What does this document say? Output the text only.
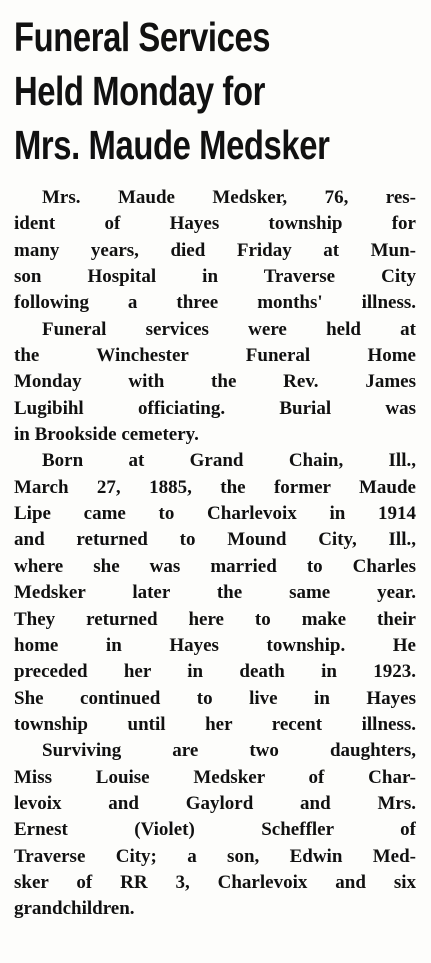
Funeral Services
Held Monday for
Mrs. Maude Medsker
Mrs. Maude Medsker, 76, res-
ident of Hayes township for
many years, died Friday at Mun-
son Hospital in Traverse City
following a three months' illness.
Funeral services were held at
the Winchester Funeral Home
Monday with the Rev. James
Lugibihl officiating. Burial was
in Brookside cemetery.
Born at Grand Chain, Ill.,
March 27, 1885, the former Maude
Lipe came to Charlevoix in 1914
and returned to Mound City, Ill.,
where she was married to Charles
Medsker later the same year.
They returned here to make their
home in Hayes township. He
preceded her in death in 1923.
She continued to live in Hayes
township until her recent illness.
Surviving are two daughters,
Miss Louise Medsker of Char-
levoix and Gaylord and Mrs.
Ernest (Violet) Scheffler of
Traverse City; a son, Edwin Med-
sker of RR 3, Charlevoix and six
grandchildren.
